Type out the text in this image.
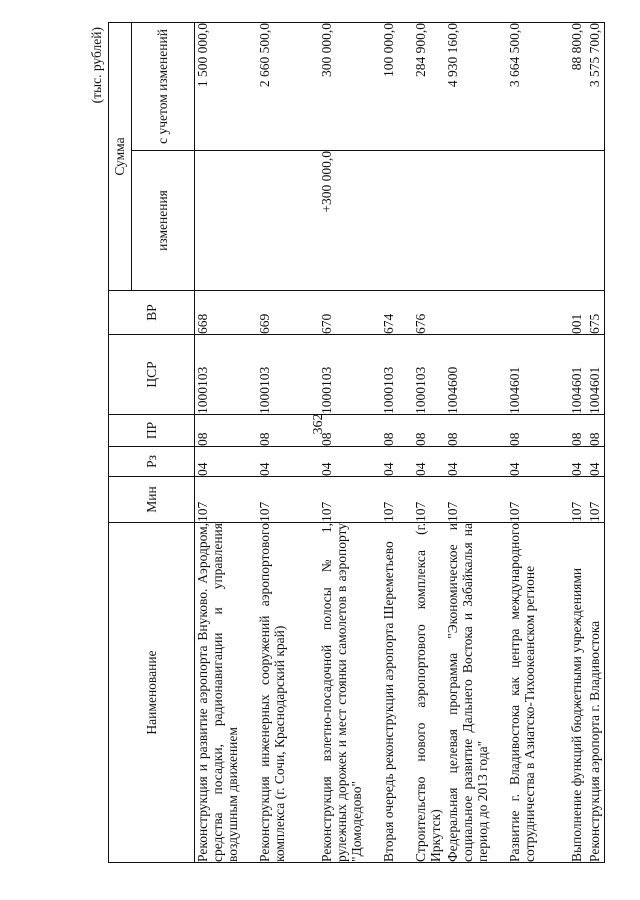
362
(тыс. рублей)
Наименование	Мин	Рз	ПР	ЦСР	ВР	Сумма	
						изменения	с учетом изменений
Реконструкция и развитие аэропорта Внуково. Аэродром, средства посадки, радионавигации и управления воздушным движением	107	04	08	1000103	668		1 500 000,0
Реконструкция инженерных сооружений аэропортового комплекса (г. Сочи, Краснодарский край)	107	04	08	1000103	669		2 660 500,0
Реконструкция взлетно-посадочной полосы № 1, рулежных дорожек и мест стоянки самолетов в аэропорту "Домодедово"	107	04	08	1000103	670	+300 000,0	300 000,0
Вторая очередь реконструкции аэропорта Шереметьево	107	04	08	1000103	674		100 000,0
Строительство нового аэропортового комплекса (г. Иркутск)	107	04	08	1000103	676		284 900,0
Федеральная целевая программа "Экономическое и социальное развитие Дальнего Востока и Забайкалья на период до 2013 года"	107	04	08	1004600			4 930 160,0
Развитие г. Владивостока как центра международного сотрудничества в Азиатско-Тихоокеанском регионе	107	04	08	1004601			3 664 500,0
Выполнение функций бюджетными учреждениями	107	04	08	1004601	001		88 800,0
Реконструкция аэропорта г. Владивостока	107	04	08	1004601	675		3 575 700,0
